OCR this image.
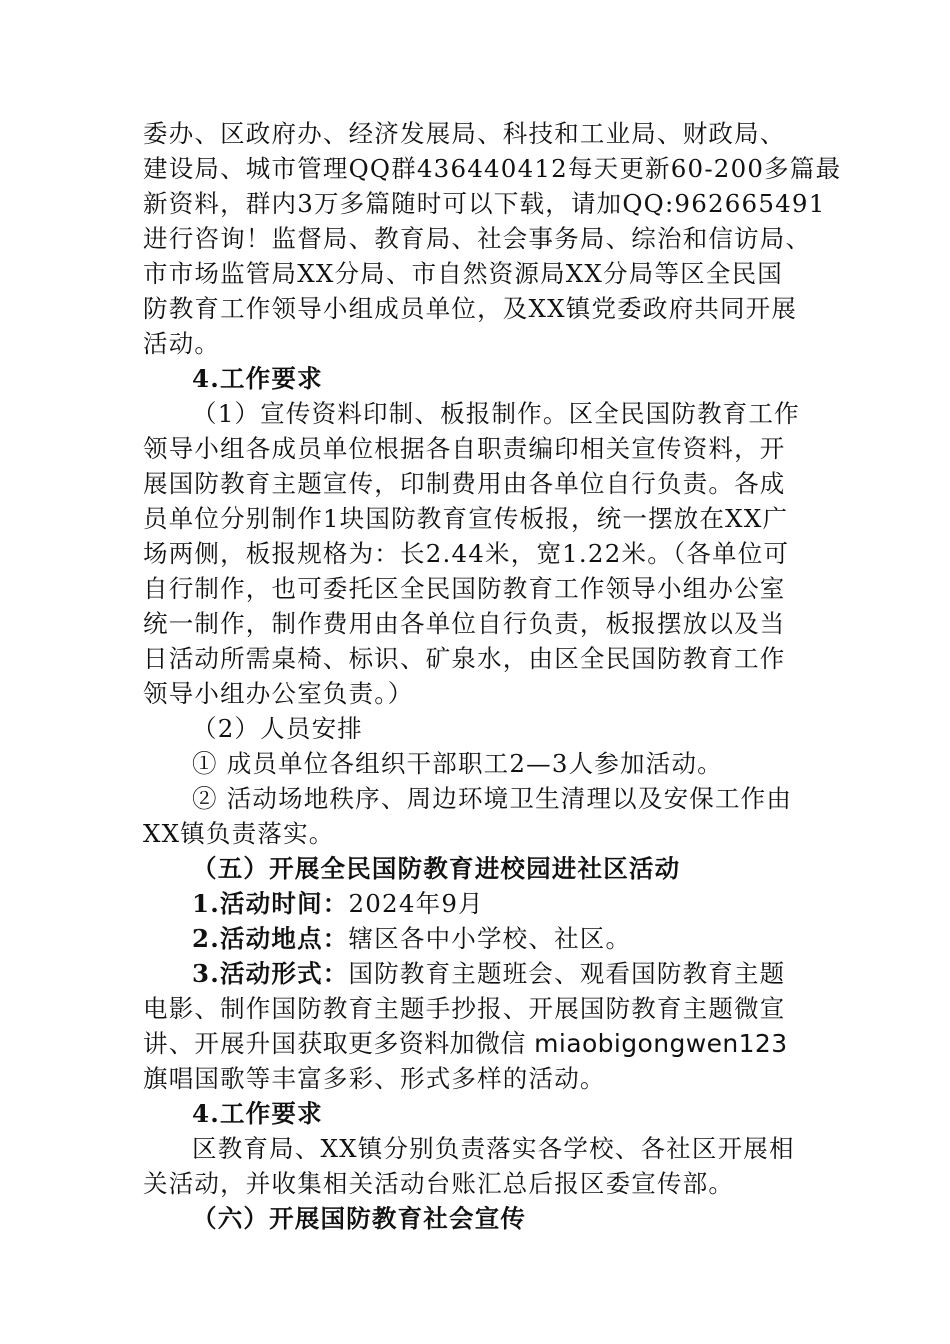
委办、区政府办、经济发展局、科技和工业局、财政局、
建设局、城市管理QQ群436440412每天更新60-200多篇最
新资料，群内3万多篇随时可以下载，请加QQ:962665491
进行咨询！监督局、教育局、社会事务局、综治和信访局、
市市场监管局XX分局、市自然资源局XX分局等区全民国
防教育工作领导小组成员单位，及XX镇党委政府共同开展
活动。
4.工作要求
（1）宣传资料印制、板报制作。区全民国防教育工作
领导小组各成员单位根据各自职责编印相关宣传资料，开
展国防教育主题宣传，印制费用由各单位自行负责。各成
员单位分别制作1块国防教育宣传板报，统一摆放在XX广
场两侧，板报规格为：长2.44米，宽1.22米。（各单位可
自行制作，也可委托区全民国防教育工作领导小组办公室
统一制作，制作费用由各单位自行负责，板报摆放以及当
日活动所需桌椅、标识、矿泉水，由区全民国防教育工作
领导小组办公室负责。）
（2）人员安排
① 成员单位各组织干部职工2—3人参加活动。
② 活动场地秩序、周边环境卫生清理以及安保工作由
XX镇负责落实。
（五）开展全民国防教育进校园进社区活动
1.活动时间：2024年9月
2.活动地点：辖区各中小学校、社区。
3.活动形式：国防教育主题班会、观看国防教育主题
电影、制作国防教育主题手抄报、开展国防教育主题微宣
讲、开展升国获取更多资料加微信 miaobigongwen123
旗唱国歌等丰富多彩、形式多样的活动。
4.工作要求
区教育局、XX镇分别负责落实各学校、各社区开展相
关活动，并收集相关活动台账汇总后报区委宣传部。
（六）开展国防教育社会宣传
